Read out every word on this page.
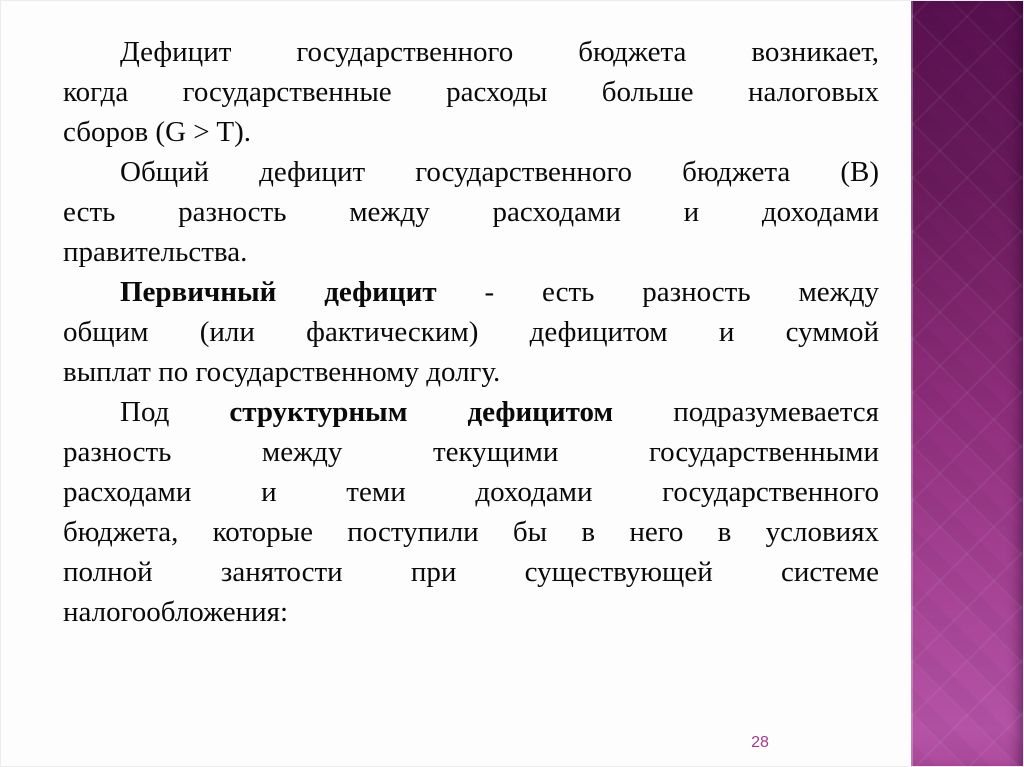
Дефицит государственного бюджета возникает,
когда государственные расходы больше налоговых
сборов (G > T).
Общий дефицит государственного бюджета (В)
есть разность между расходами и доходами
правительства.
Первичный дефицит - есть разность между
общим (или фактическим) дефицитом и суммой
выплат по государственному долгу.
Под структурным дефицитом подразумевается
разность между текущими государственными
расходами и теми доходами государственного
бюджета, которые поступили бы в него в условиях
полной занятости при существующей системе
налогообложения:
28
